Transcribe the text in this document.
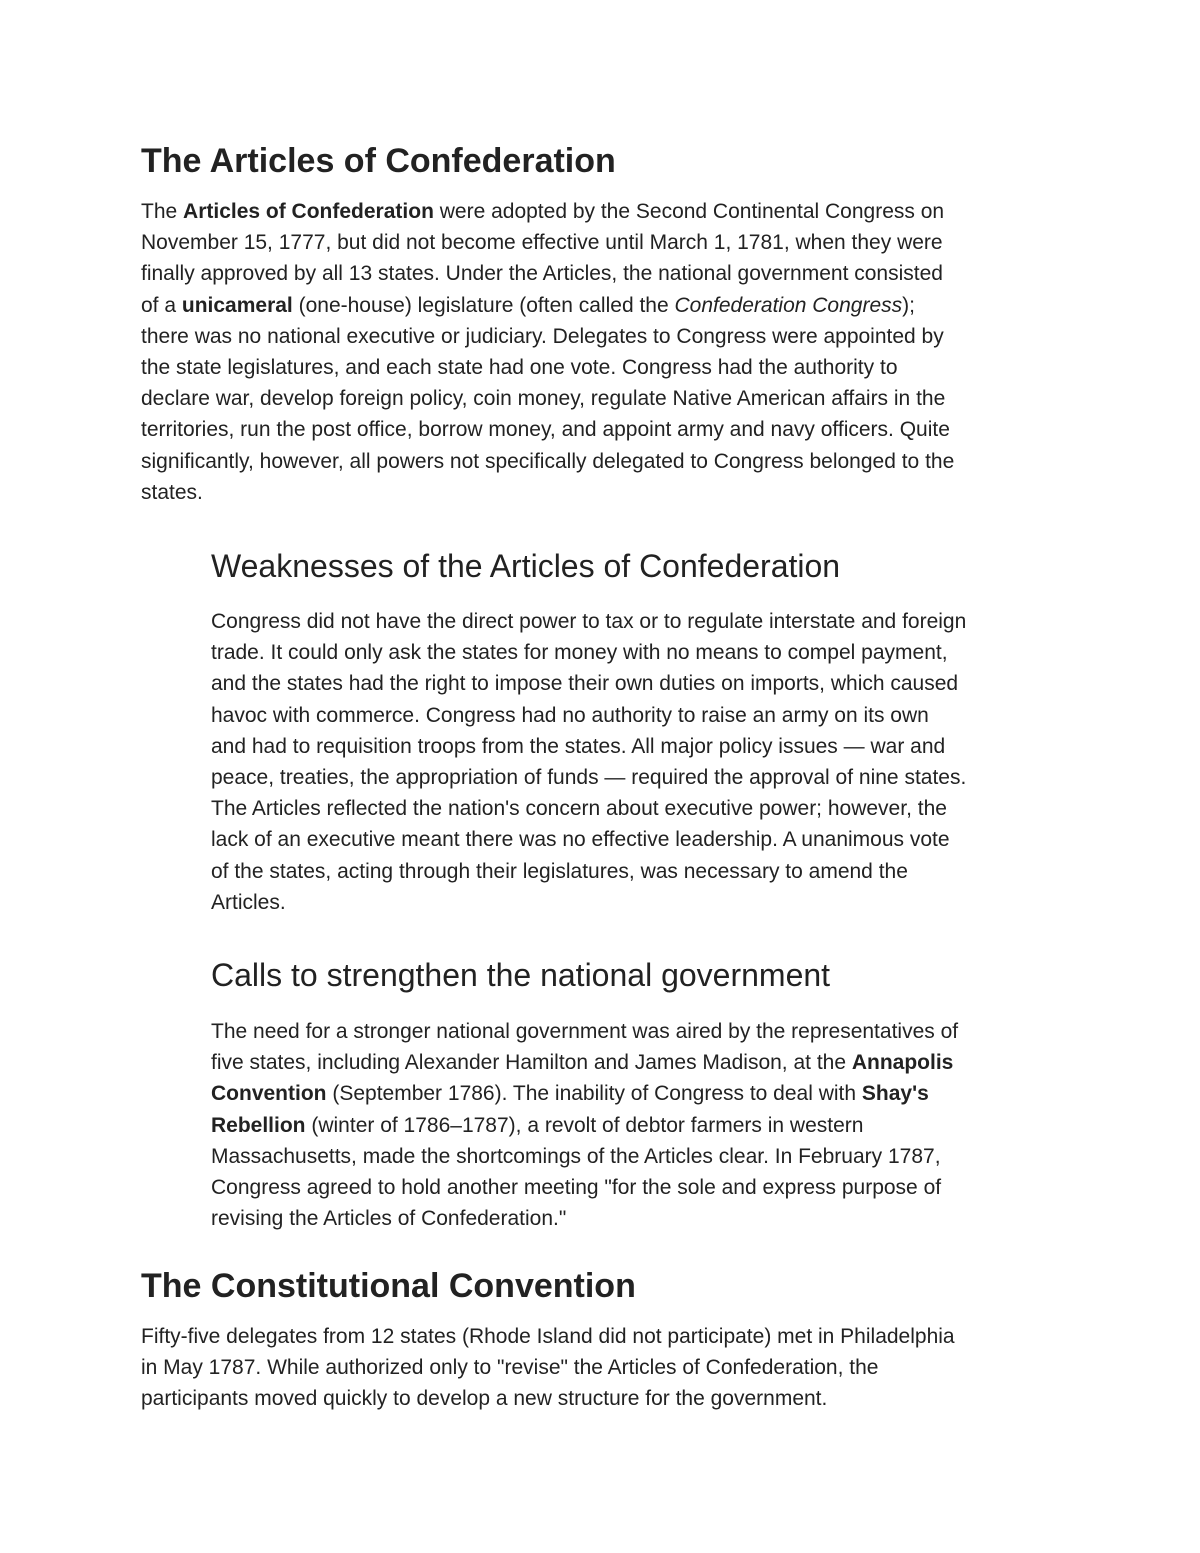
The Articles of Confederation

The Articles of Confederation were adopted by the Second Continental Congress on
November 15, 1777, but did not become effective until March 1, 1781, when they were
finally approved by all 13 states. Under the Articles, the national government consisted
of a unicameral (one-house) legislature (often called the Confederation Congress);
there was no national executive or judiciary. Delegates to Congress were appointed by
the state legislatures, and each state had one vote. Congress had the authority to
declare war, develop foreign policy, coin money, regulate Native American affairs in the
territories, run the post office, borrow money, and appoint army and navy officers. Quite
significantly, however, all powers not specifically delegated to Congress belonged to the
states.

Weaknesses of the Articles of Confederation

Congress did not have the direct power to tax or to regulate interstate and foreign
trade. It could only ask the states for money with no means to compel payment,
and the states had the right to impose their own duties on imports, which caused
havoc with commerce. Congress had no authority to raise an army on its own
and had to requisition troops from the states. All major policy issues — war and
peace, treaties, the appropriation of funds — required the approval of nine states.
The Articles reflected the nation's concern about executive power; however, the
lack of an executive meant there was no effective leadership. A unanimous vote
of the states, acting through their legislatures, was necessary to amend the
Articles.

Calls to strengthen the national government

The need for a stronger national government was aired by the representatives of
five states, including Alexander Hamilton and James Madison, at the Annapolis
Convention (September 1786). The inability of Congress to deal with Shay's
Rebellion (winter of 1786–1787), a revolt of debtor farmers in western
Massachusetts, made the shortcomings of the Articles clear. In February 1787,
Congress agreed to hold another meeting "for the sole and express purpose of
revising the Articles of Confederation."

The Constitutional Convention

Fifty-five delegates from 12 states (Rhode Island did not participate) met in Philadelphia
in May 1787. While authorized only to "revise" the Articles of Confederation, the
participants moved quickly to develop a new structure for the government.
